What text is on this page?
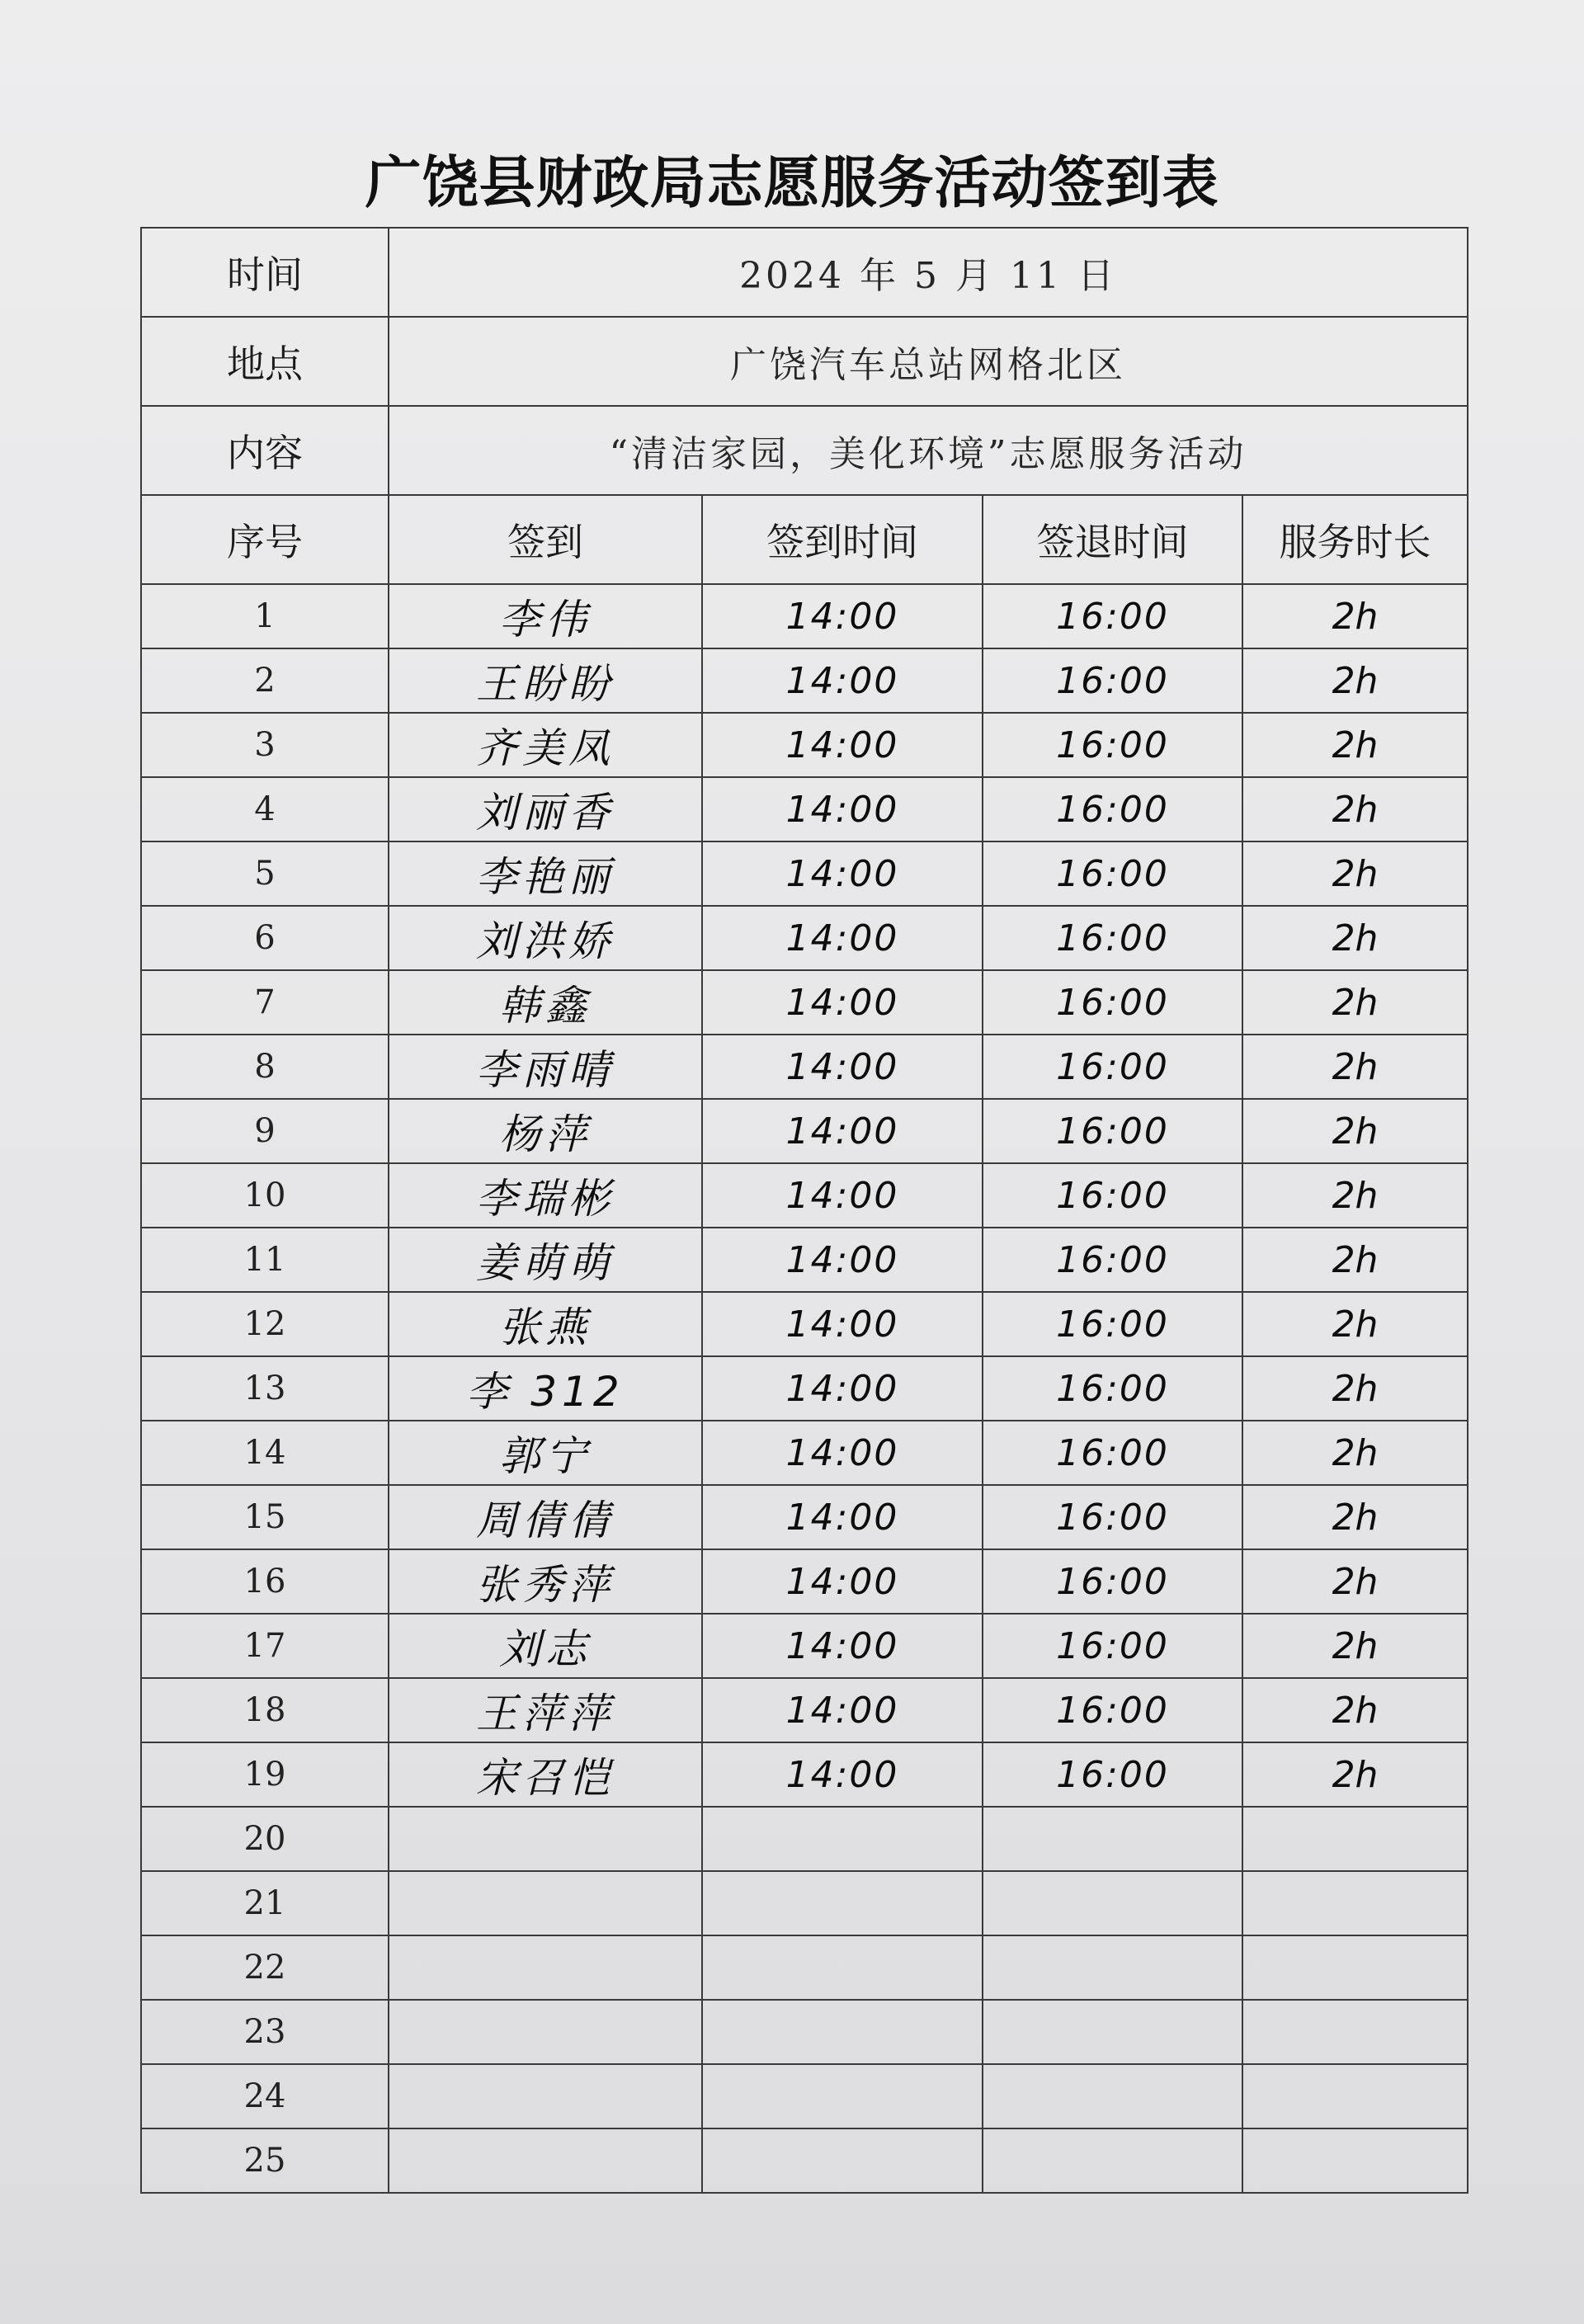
广饶县财政局志愿服务活动签到表
时间	2024 年 5 月 11 日			
地点	广饶汽车总站网格北区			
内容	“清洁家园，美化环境”志愿服务活动			
序号	签到	签到时间	签退时间	服务时长
1	李伟	14:00	16:00	2h
2	王盼盼	14:00	16:00	2h
3	齐美凤	14:00	16:00	2h
4	刘丽香	14:00	16:00	2h
5	李艳丽	14:00	16:00	2h
6	刘洪娇	14:00	16:00	2h
7	韩鑫	14:00	16:00	2h
8	李雨晴	14:00	16:00	2h
9	杨萍	14:00	16:00	2h
10	李瑞彬	14:00	16:00	2h
11	姜萌萌	14:00	16:00	2h
12	张燕	14:00	16:00	2h
13	李 312	14:00	16:00	2h
14	郭宁	14:00	16:00	2h
15	周倩倩	14:00	16:00	2h
16	张秀萍	14:00	16:00	2h
17	刘志	14:00	16:00	2h
18	王萍萍	14:00	16:00	2h
19	宋召恺	14:00	16:00	2h
20				
21				
22				
23				
24				
25				
